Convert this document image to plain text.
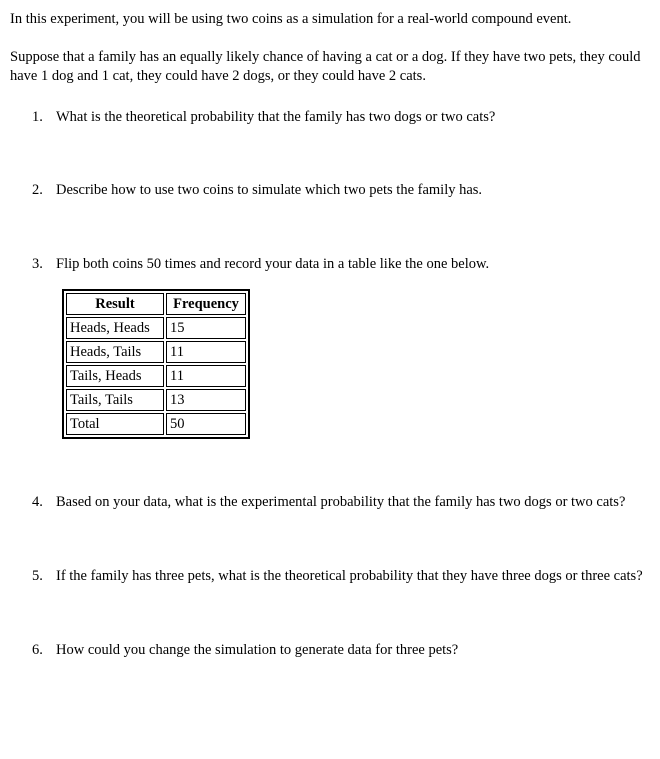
In this experiment, you will be using two coins as a simulation for a real-world compound event.

Suppose that a family has an equally likely chance of having a cat or a dog. If they have two pets, they could have 1 dog and 1 cat, they could have 2 dogs, or they could have 2 cats.

1. What is the theoretical probability that the family has two dogs or two cats?
2. Describe how to use two coins to simulate which two pets the family has.
3. Flip both coins 50 times and record your data in a table like the one below.
Result	Frequency
Heads, Heads	15
Heads, Tails	11
Tails, Heads	11
Tails, Tails	13
Total	50
4. Based on your data, what is the experimental probability that the family has two dogs or two cats?
5. If the family has three pets, what is the theoretical probability that they have three dogs or three cats?
6. How could you change the simulation to generate data for three pets?
